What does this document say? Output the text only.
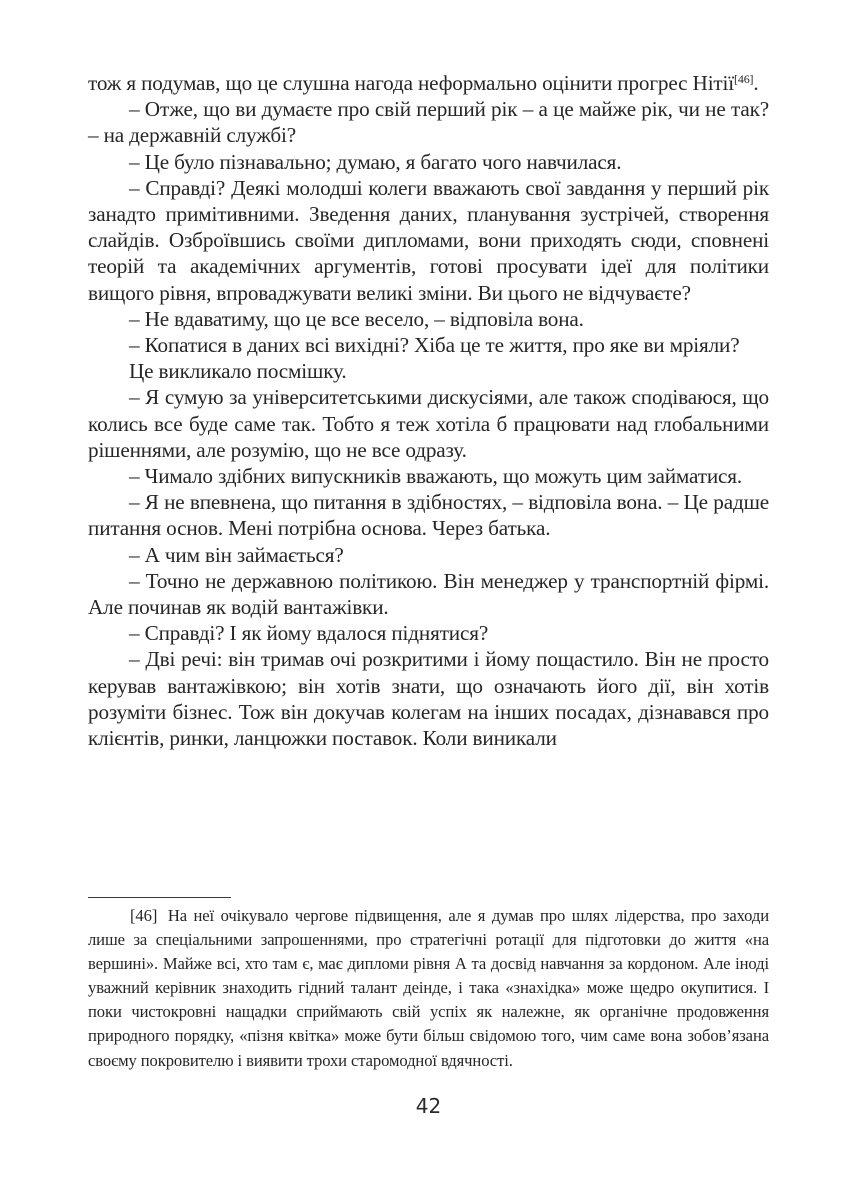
тож я подумав, що це слушна нагода неформально оцінити прогрес Нітії[46].

– Отже, що ви думаєте про свій перший рік – а це майже рік, чи не так? – на державній службі?

– Це було пізнавально; думаю, я багато чого навчилася.

– Справді? Деякі молодші колеги вважають свої завдання у перший рік занадто примітивними. Зведення даних, планування зустрічей, створення слайдів. Озброївшись своїми дипломами, вони приходять сюди, сповнені теорій та академічних аргументів, готові просувати ідеї для політики вищого рівня, впроваджувати великі зміни. Ви цього не відчуваєте?

– Не вдаватиму, що це все весело, – відповіла вона.

– Копатися в даних всі вихідні? Хіба це те життя, про яке ви мріяли?

Це викликало посмішку.

– Я сумую за університетськими дискусіями, але також сподіваюся, що колись все буде саме так. Тобто я теж хотіла б працювати над глобальними рішеннями, але розумію, що не все одразу.

– Чимало здібних випускників вважають, що можуть цим займатися.

– Я не впевнена, що питання в здібностях, – відповіла вона. – Це радше питання основ. Мені потрібна основа. Через батька.

– А чим він займається?

– Точно не державною політикою. Він менеджер у транспортній фірмі. Але починав як водій вантажівки.

– Справді? І як йому вдалося піднятися?

– Дві речі: він тримав очі розкритими і йому пощастило. Він не просто керував вантажівкою; він хотів знати, що означають його дії, він хотів розуміти бізнес. Тож він докучав колегам на інших посадах, дізнавався про клієнтів, ринки, ланцюжки поставок. Коли виникали

[46] На неї очікувало чергове підвищення, але я думав про шлях лідерства, про заходи лише за спеціальними запрошеннями, про стратегічні ротації для підготовки до життя «на вершині». Майже всі, хто там є, має дипломи рівня А та досвід навчання за кордоном. Але іноді уважний керівник знаходить гідний талант деінде, і така «знахідка» може щедро окупитися. І поки чистокровні нащадки сприймають свій успіх як належне, як органічне продовження природного порядку, «пізня квітка» може бути більш свідомою того, чим саме вона зобов’язана своєму покровителю і виявити трохи старомодної вдячності.

42
